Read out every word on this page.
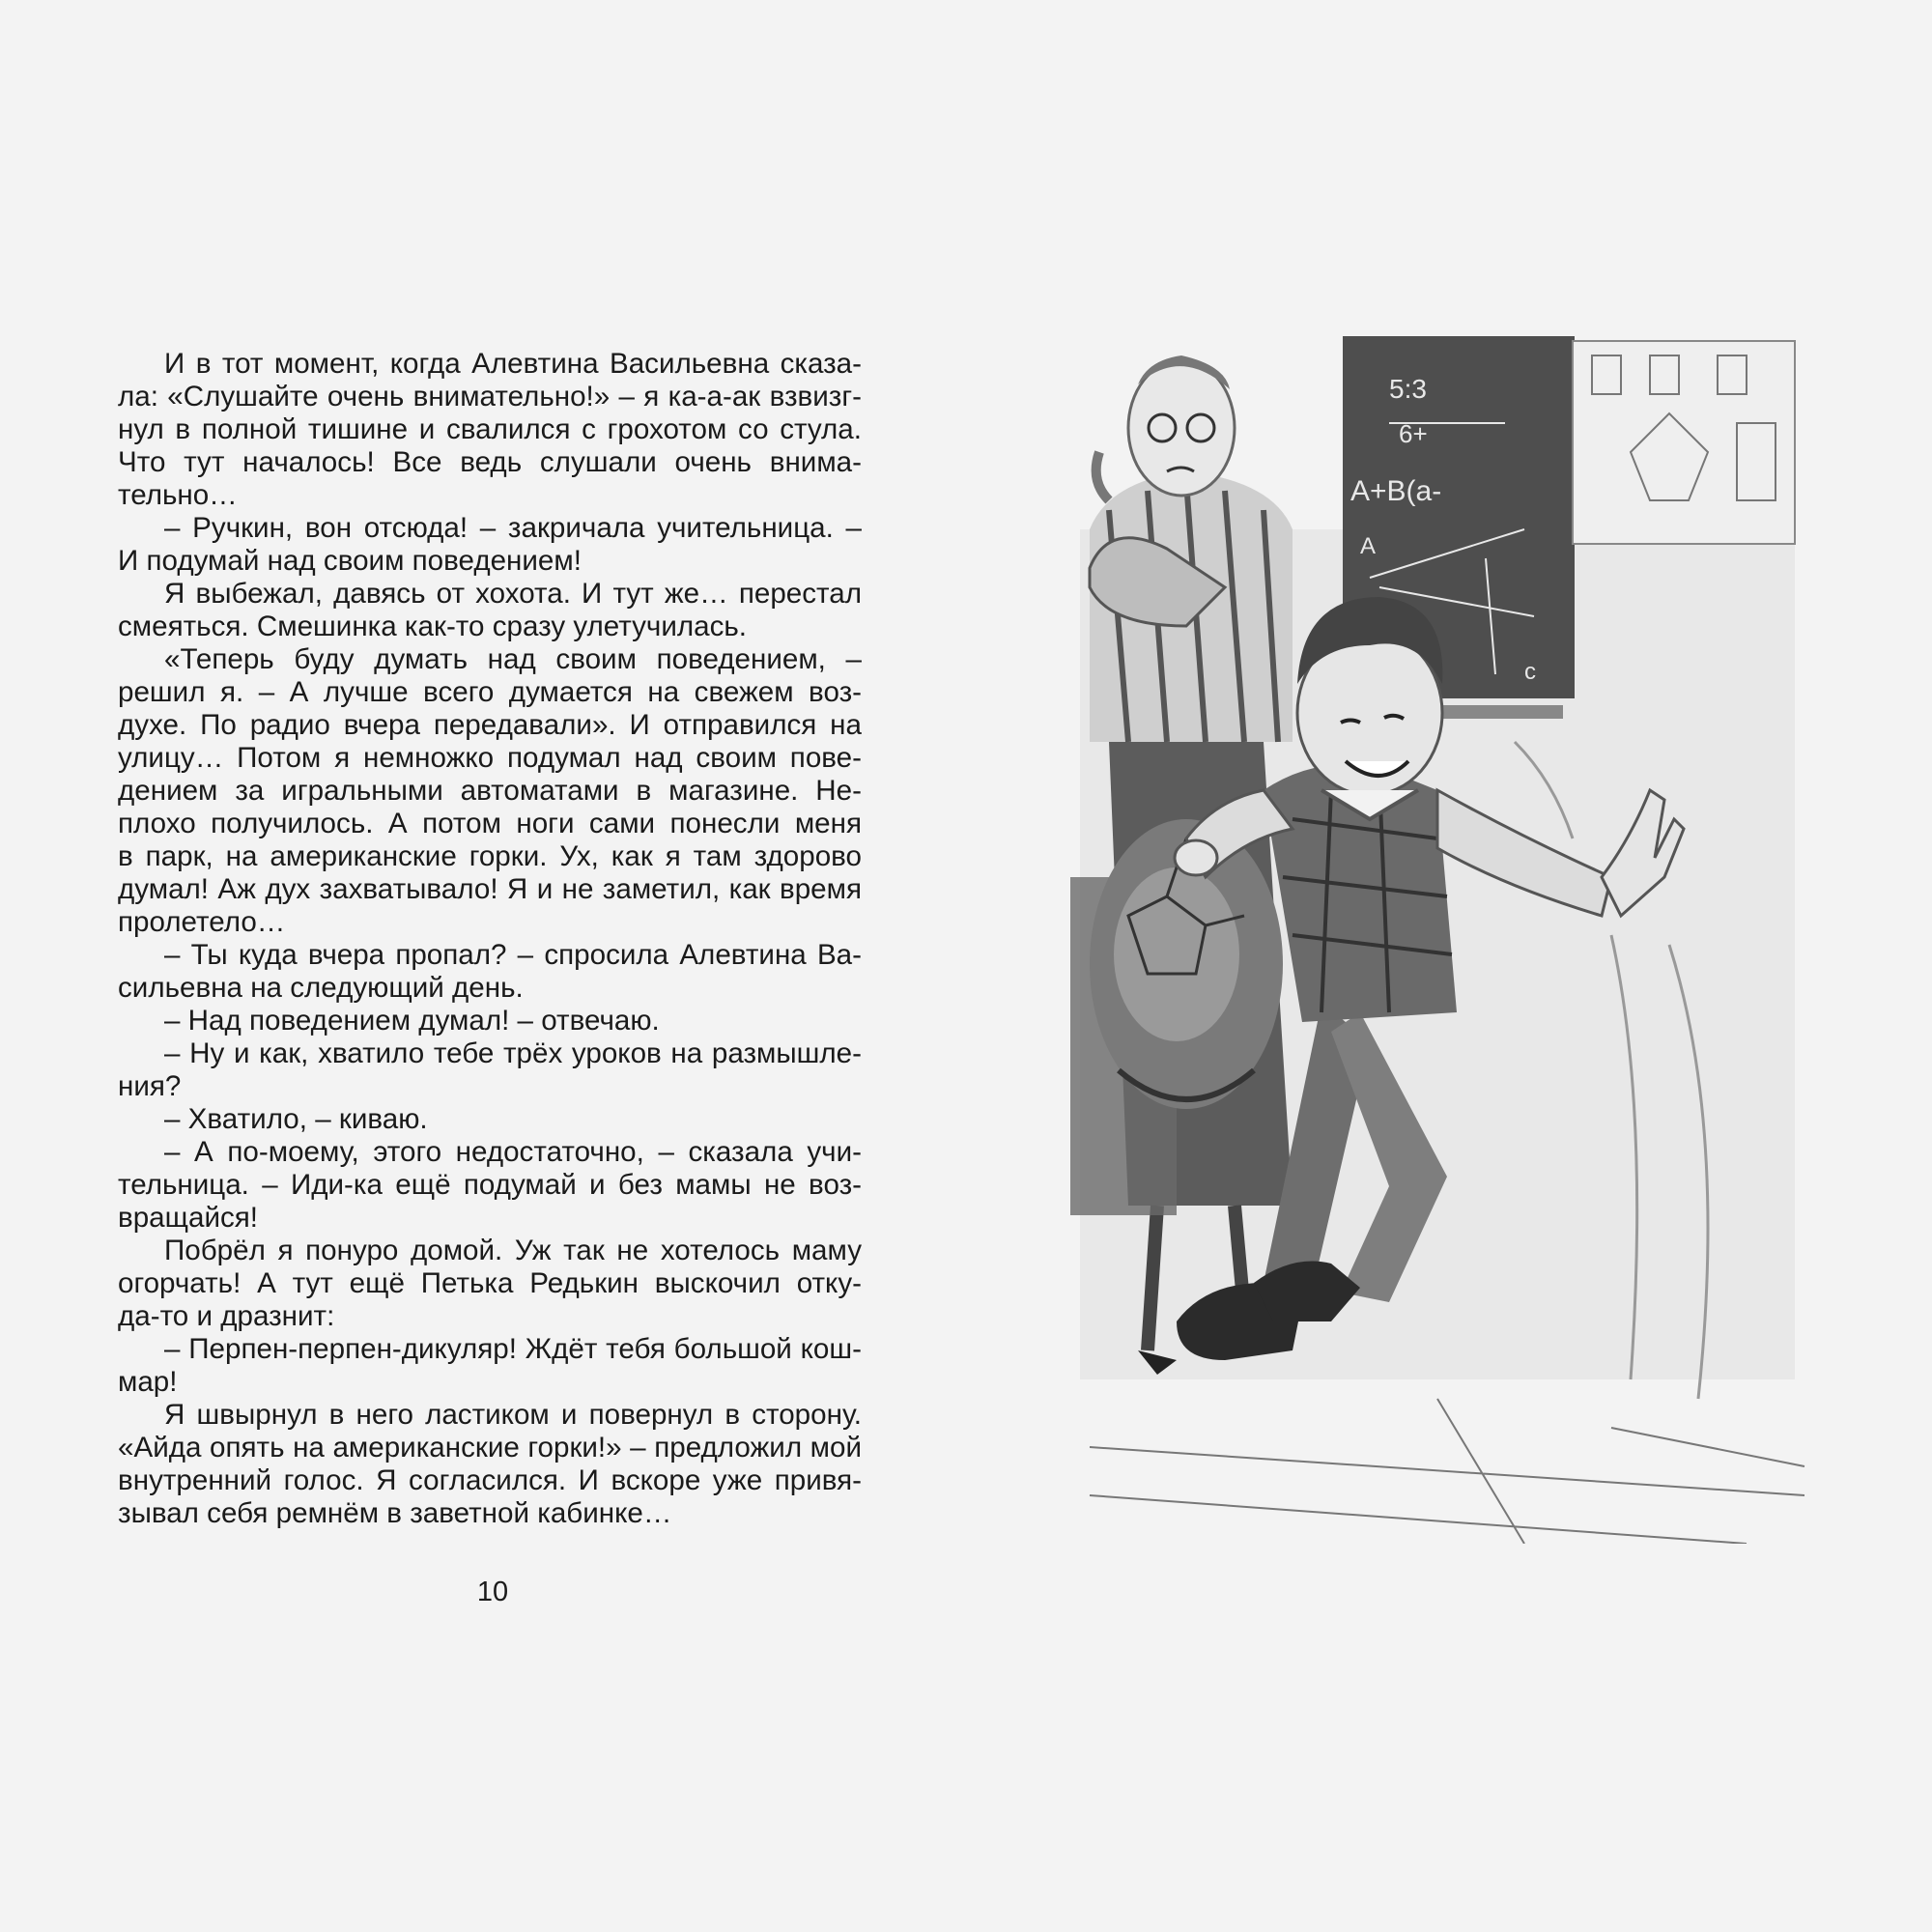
И в тот момент, когда Алевтина Васильевна сказа-
ла: «Слушайте очень внимательно!» – я ка-а-ак взвизг-
нул в полной тишине и свалился с грохотом со стула.
Что тут началось! Все ведь слушали очень внима-
тельно…
– Ручкин, вон отсюда! – закричала учительница. –
И подумай над своим поведением!
Я выбежал, давясь от хохота. И тут же… перестал
смеяться. Смешинка как-то сразу улетучилась.
«Теперь буду думать над своим поведением, –
решил я. – А лучше всего думается на свежем воз-
духе. По радио вчера передавали». И отправился на
улицу… Потом я немножко подумал над своим пове-
дением за игральными автоматами в магазине. Не-
плохо получилось. А потом ноги сами понесли меня
в парк, на американские горки. Ух, как я там здорово
думал! Аж дух захватывало! Я и не заметил, как время
пролетело…
– Ты куда вчера пропал? – спросила Алевтина Ва-
сильевна на следующий день.
– Над поведением думал! – отвечаю.
– Ну и как, хватило тебе трёх уроков на размышле-
ния?
– Хватило, – киваю.
– А по-моему, этого недостаточно, – сказала учи-
тельница. – Иди-ка ещё подумай и без мамы не воз-
вращайся!
Побрёл я понуро домой. Уж так не хотелось маму
огорчать! А тут ещё Петька Редькин выскочил отку-
да-то и дразнит:
– Перпен-перпен-дикуляр! Ждёт тебя большой кош-
мар!
Я швырнул в него ластиком и повернул в сторону.
«Айда опять на американские горки!» – предложил мой
внутренний голос. Я согласился. И вскоре уже привя-
зывал себя ремнём в заветной кабинке…
10
5:3
6+
A+B(a-
A
c
